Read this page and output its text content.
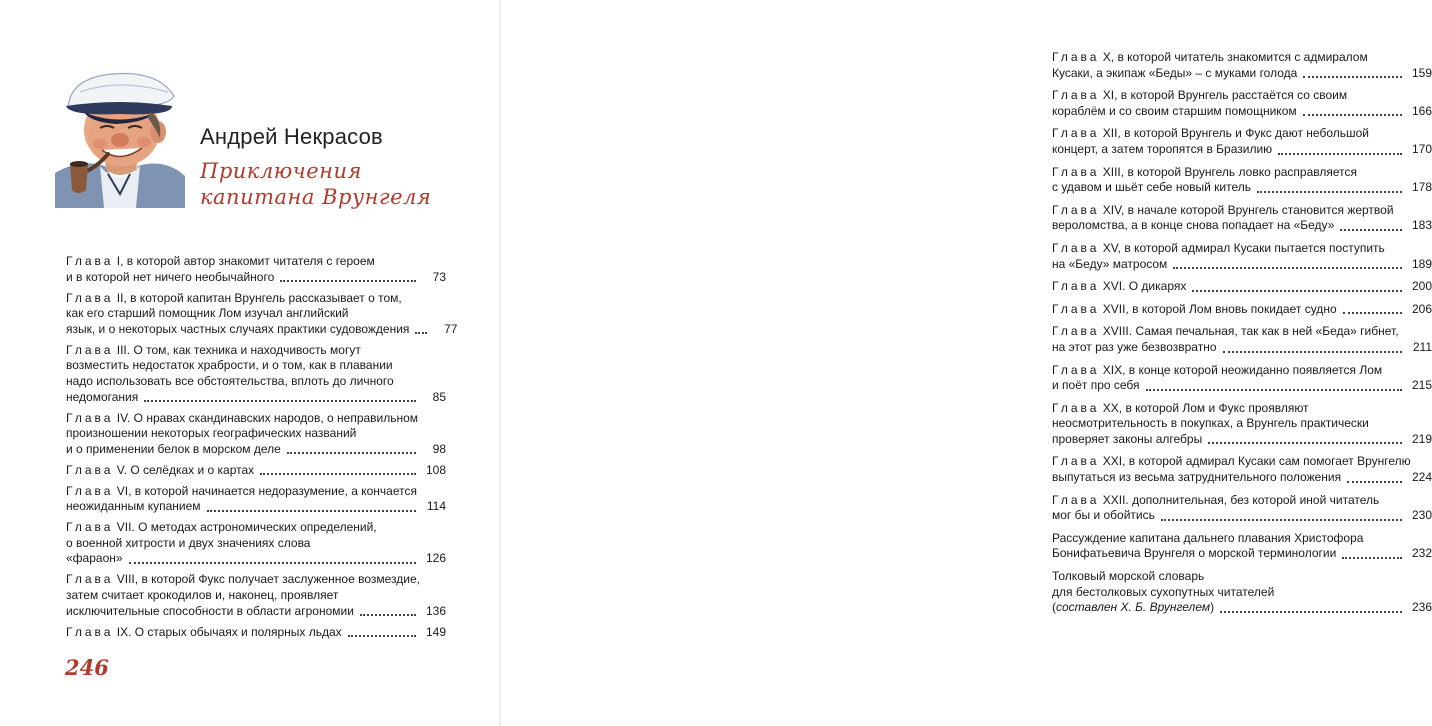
Андрей Некрасов
Приключения
капитана Врунгеля
Глава I, в которой автор знакомит читателя с героем
и в которой нет ничего необычайного	73
Глава II, в которой капитан Врунгель рассказывает о том,
как его старший помощник Лом изучал английский
язык, и о некоторых частных случаях практики судовождения	77
Глава III. О том, как техника и находчивость могут
возместить недостаток храбрости, и о том, как в плавании
надо использовать все обстоятельства, вплоть до личного
недомогания	85
Глава IV. О нравах скандинавских народов, о неправильном
произношении некоторых географических названий
и о применении белок в морском деле	98
Глава V. О селёдках и о картах	108
Глава VI, в которой начинается недоразумение, а кончается
неожиданным купанием	114
Глава VII. О методах астрономических определений,
о военной хитрости и двух значениях слова
«фараон»	126
Глава VIII, в которой Фукс получает заслуженное возмездие,
затем считает крокодилов и, наконец, проявляет
исключительные способности в области агрономии	136
Глава IX. О старых обычаях и полярных льдах	149
246
Глава X, в которой читатель знакомится с адмиралом
Кусаки, а экипаж «Беды» – с муками голода	159
Глава XI, в которой Врунгель расстаётся со своим
кораблём и со своим старшим помощником	166
Глава XII, в которой Врунгель и Фукс дают небольшой
концерт, а затем торопятся в Бразилию	170
Глава XIII, в которой Врунгель ловко расправляется
с удавом и шьёт себе новый китель	178
Глава XIV, в начале которой Врунгель становится жертвой
вероломства, а в конце снова попадает на «Беду»	183
Глава XV, в которой адмирал Кусаки пытается поступить
на «Беду» матросом	189
Глава XVI. О дикарях	200
Глава XVII, в которой Лом вновь покидает судно	206
Глава XVIII. Самая печальная, так как в ней «Беда» гибнет,
на этот раз уже безвозвратно	211
Глава XIX, в конце которой неожиданно появляется Лом
и поёт про себя	215
Глава XX, в которой Лом и Фукс проявляют
неосмотрительность в покупках, а Врунгель практически
проверяет законы алгебры	219
Глава XXI, в которой адмирал Кусаки сам помогает Врунгелю
выпутаться из весьма затруднительного положения	224
Глава XXII. дополнительная, без которой иной читатель
мог бы и обойтись	230
Рассуждение капитана дальнего плавания Христофора
Бонифатьевича Врунгеля о морской терминологии	232
Толковый морской словарь
для бестолковых сухопутных читателей
(составлен Х. Б. Врунгелем)	236
